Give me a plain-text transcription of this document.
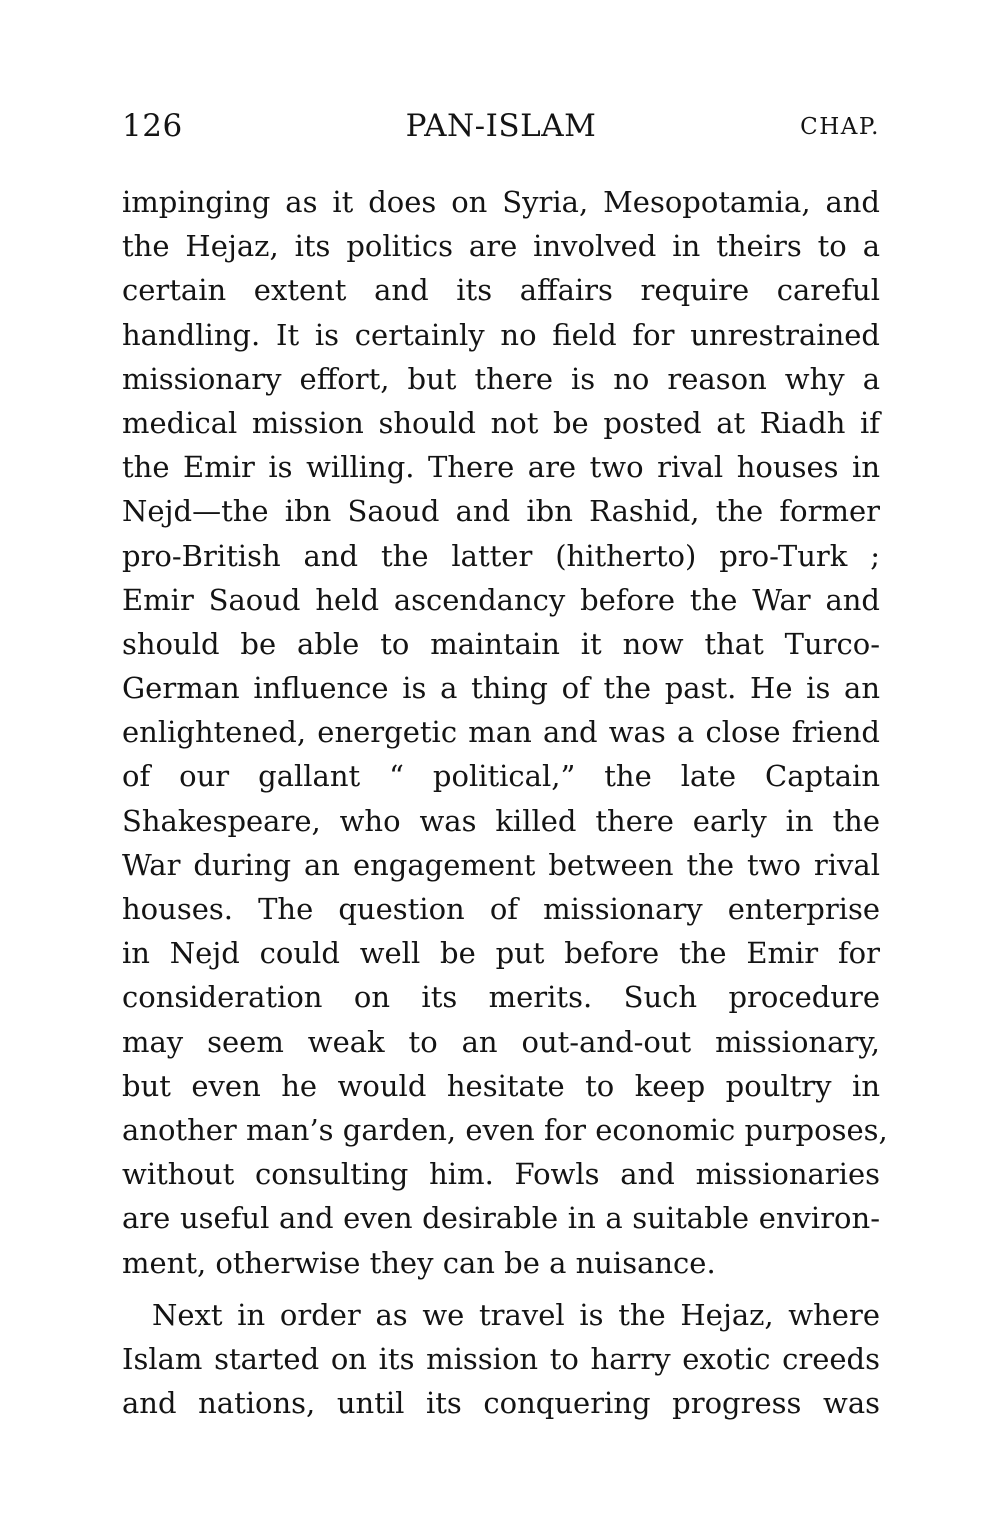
126	PAN-ISLAM	CHAP.
impinging as it does on Syria, Mesopotamia, and
the Hejaz, its politics are involved in theirs to a
certain extent and its affairs require careful
handling. It is certainly no field for unrestrained
missionary effort, but there is no reason why a
medical mission should not be posted at Riadh if
the Emir is willing. There are two rival houses in
Nejd—the ibn Saoud and ibn Rashid, the former
pro-British and the latter (hitherto) pro-Turk ;
Emir Saoud held ascendancy before the War and
should be able to maintain it now that Turco-
German influence is a thing of the past. He is an
enlightened, energetic man and was a close friend
of our gallant “ political,” the late Captain
Shakespeare, who was killed there early in the
War during an engagement between the two rival
houses. The question of missionary enterprise
in Nejd could well be put before the Emir for
consideration on its merits. Such procedure
may seem weak to an out-and-out missionary,
but even he would hesitate to keep poultry in
another man’s garden, even for economic purposes,
without consulting him. Fowls and missionaries
are useful and even desirable in a suitable environ-
ment, otherwise they can be a nuisance.
Next in order as we travel is the Hejaz, where
Islam started on its mission to harry exotic creeds
and nations, until its conquering progress was
